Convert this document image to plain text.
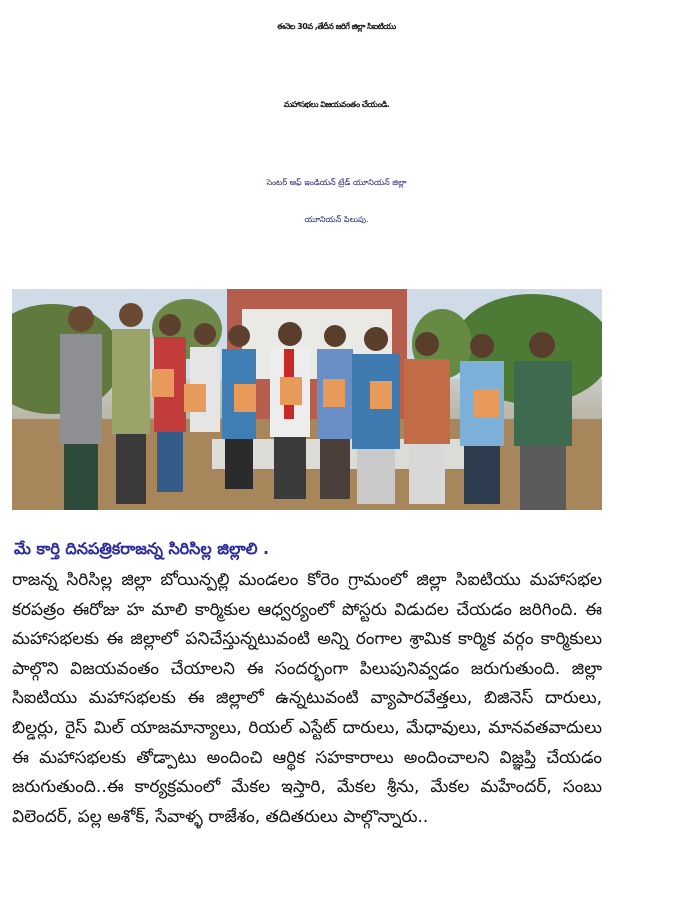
ఈనెల 30వ ,తేదీన జరిగే జిల్లా సిఐటియు
మహాసభలు విజయవంతం చేయండి.
సెంటర్ ఆఫ్ ఇండియన్ ట్రేడ్ యూనియన్ జిల్లా
యూనియన్ పిలుపు.
మే కార్తి దినపత్రికరాజన్న సిరిసిల్ల జిల్లాలి .

రాజన్న సిరిసిల్ల జిల్లా బోయిన్పల్లి మండలం కోరెం గ్రామంలో జిల్లా సిఐటియు మహాసభల కరపత్రం ఈరోజు హ మాలి కార్మికుల ఆధ్వర్యంలో పోస్టరు విడుదల చేయడం జరిగింది. ఈ మహాసభలకు ఈ జిల్లాలో పనిచేస్తున్నటువంటి అన్ని రంగాల శ్రామిక కార్మిక వర్గం కార్మికులు పాల్గొని విజయవంతం చేయాలని ఈ సందర్భంగా పిలుపునివ్వడం జరుగుతుంది. జిల్లా సిఐటియు మహాసభలకు ఈ జిల్లాలో ఉన్నటువంటి వ్యాపారవేత్తలు, బిజినెస్ దారులు, బిల్డర్లు, రైస్ మిల్ యాజమాన్యాలు, రియల్ ఎస్టేట్ దారులు, మేధావులు, మానవతవాదులు ఈ మహాసభలకు తోడ్పాటు అందించి ఆర్థిక సహకారాలు అందించాలని విజ్ఞప్తి చేయడం జరుగుతుంది..ఈ కార్యక్రమంలో మేకల ఇస్తారి, మేకల శ్రీను, మేకల మహేందర్, సంబు విలెందర్, పల్ల అశోక్, సేవాళ్ళ రాజేశం, తదితరులు పాల్గొన్నారు..
